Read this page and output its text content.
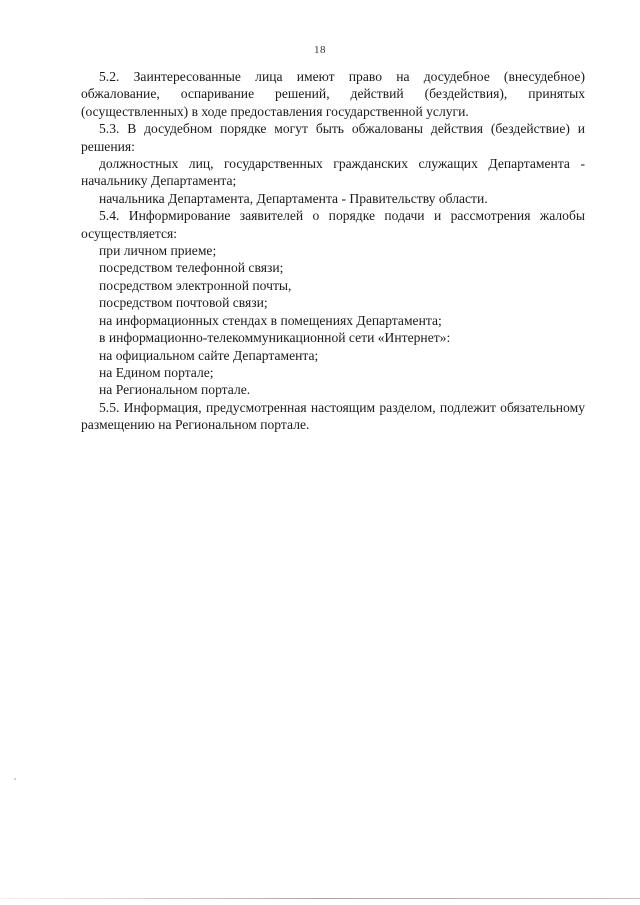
18

5.2. Заинтересованные лица имеют право на досудебное (внесудебное) обжалование, оспаривание решений, действий (бездействия), принятых (осуществленных) в ходе предоставления государственной услуги.

5.3. В досудебном порядке могут быть обжалованы действия (бездействие) и решения:

должностных лиц, государственных гражданских служащих Департамента - начальнику Департамента;

начальника Департамента, Департамента - Правительству области.

5.4. Информирование заявителей о порядке подачи и рассмотрения жалобы осуществляется:

при личном приеме;

посредством телефонной связи;

посредством электронной почты,

посредством почтовой связи;

на информационных стендах в помещениях Департамента;

в информационно-телекоммуникационной сети «Интернет»:

на официальном сайте Департамента;

на Едином портале;

на Региональном портале.

5.5. Информация, предусмотренная настоящим разделом, подлежит обязательному размещению на Региональном портале.
